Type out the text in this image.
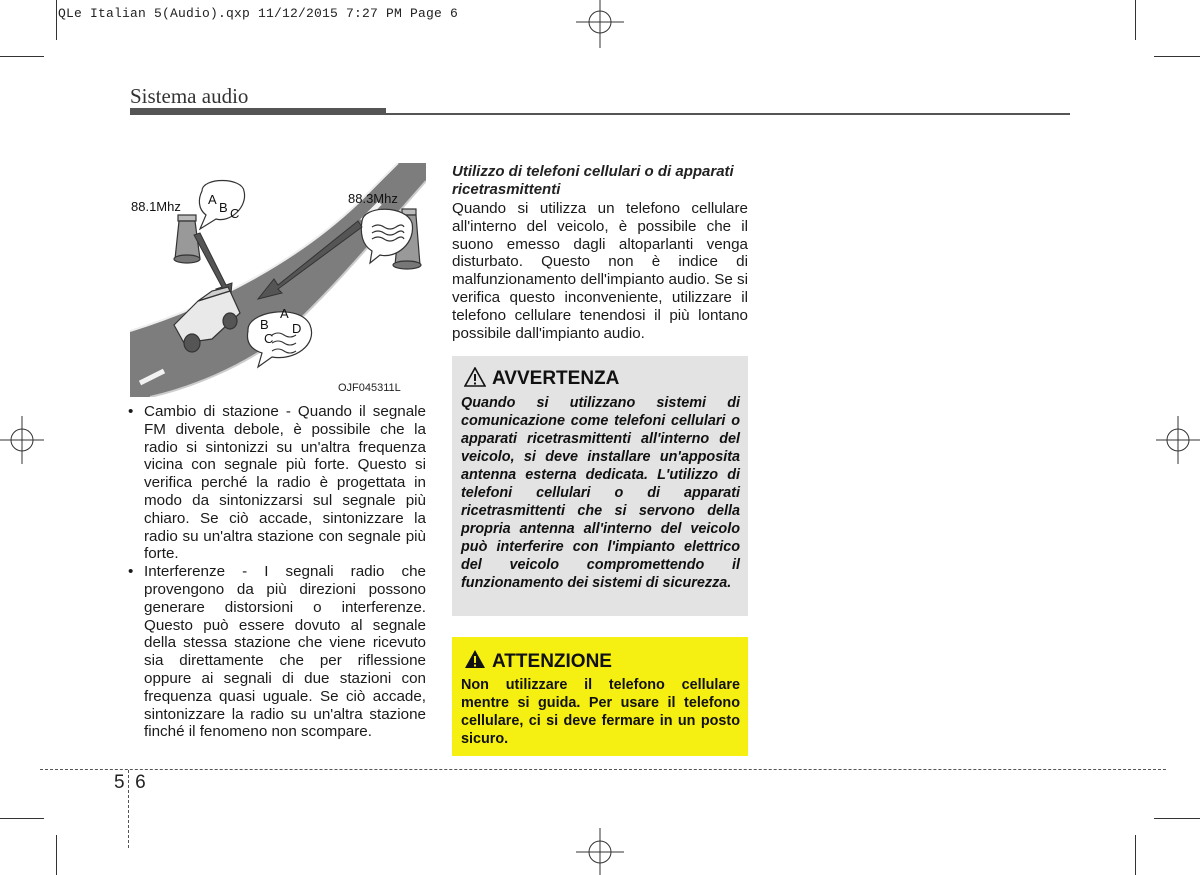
QLe Italian 5(Audio).qxp 11/12/2015 7:27 PM Page 6
Sistema audio
A
B C
A
B
C
D
88.1Mhz
88.3Mhz
OJF045311L
• Cambio di stazione - Quando il segnale FM diventa debole, è possibile che la radio si sintonizzi su un'altra frequenza vicina con segnale più forte. Questo si verifica perché la radio è progettata in modo da sintonizzarsi sul segnale più chiaro. Se ciò accade, sintonizzare la radio su un'altra stazione con segnale più forte.
• Interferenze - I segnali radio che provengono da più direzioni possono generare distorsioni o interferenze. Questo può essere dovuto al segnale della stessa stazione che viene ricevuto sia direttamente che per riflessione oppure ai segnali di due stazioni con frequenza quasi uguale. Se ciò accade, sintonizzare la radio su un'altra stazione finché il fenomeno non scompare.
Utilizzo di telefoni cellulari o di apparati ricetrasmittenti
Quando si utilizza un telefono cellulare all'interno del veicolo, è possibile che il suono emesso dagli altoparlanti venga disturbato. Questo non è indice di malfunzionamento dell'impianto audio. Se si verifica questo inconveniente, utilizzare il telefono cellulare tenendosi il più lontano possibile dall'impianto audio.
AVVERTENZA
Quando si utilizzano sistemi di comunicazione come telefoni cellulari o apparati ricetrasmittenti all'interno del veicolo, si deve installare un'apposita antenna esterna dedicata. L'utilizzo di telefoni cellulari o di apparati ricetrasmittenti che si servono della propria antenna all'interno del veicolo può interferire con l'impianto elettrico del veicolo compromettendo il funzionamento dei sistemi di sicurezza.
ATTENZIONE
Non utilizzare il telefono cellulare mentre si guida. Per usare il telefono cellulare, ci si deve fermare in un posto sicuro.
5  6
